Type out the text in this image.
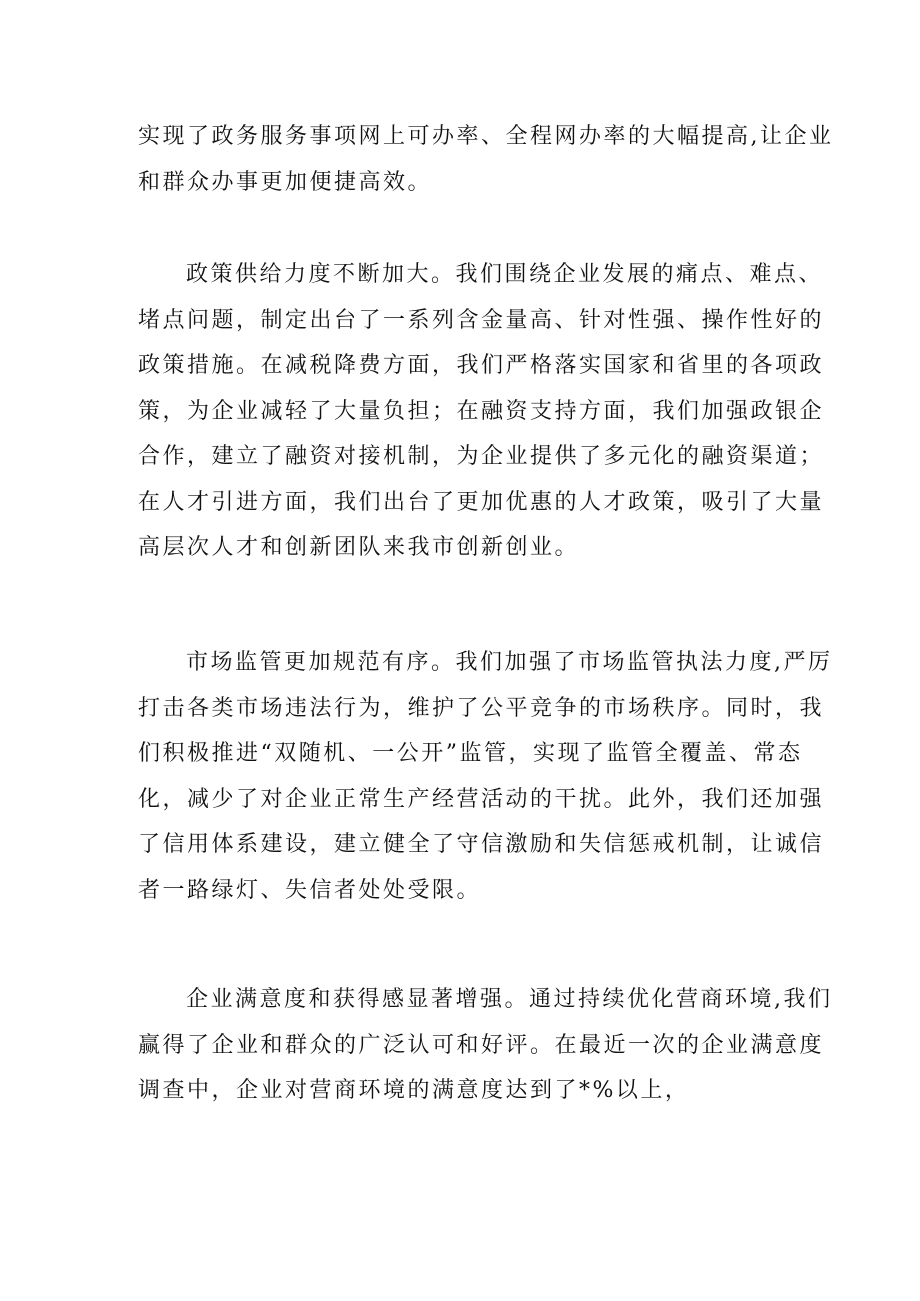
实现了政务服务事项网上可办率、全程网办率的大幅提高,让企业
和群众办事更加便捷高效。
政策供给力度不断加大。我们围绕企业发展的痛点、难点、
堵点问题，制定出台了一系列含金量高、针对性强、操作性好的
政策措施。在减税降费方面，我们严格落实国家和省里的各项政
策，为企业减轻了大量负担；在融资支持方面，我们加强政银企
合作，建立了融资对接机制，为企业提供了多元化的融资渠道；
在人才引进方面，我们出台了更加优惠的人才政策，吸引了大量
高层次人才和创新团队来我市创新创业。
市场监管更加规范有序。我们加强了市场监管执法力度,严厉
打击各类市场违法行为，维护了公平竞争的市场秩序。同时，我
们积极推进“双随机、一公开”监管，实现了监管全覆盖、常态
化，减少了对企业正常生产经营活动的干扰。此外，我们还加强
了信用体系建设，建立健全了守信激励和失信惩戒机制，让诚信
者一路绿灯、失信者处处受限。
企业满意度和获得感显著增强。通过持续优化营商环境,我们
赢得了企业和群众的广泛认可和好评。在最近一次的企业满意度
调查中，企业对营商环境的满意度达到了*%以上，
